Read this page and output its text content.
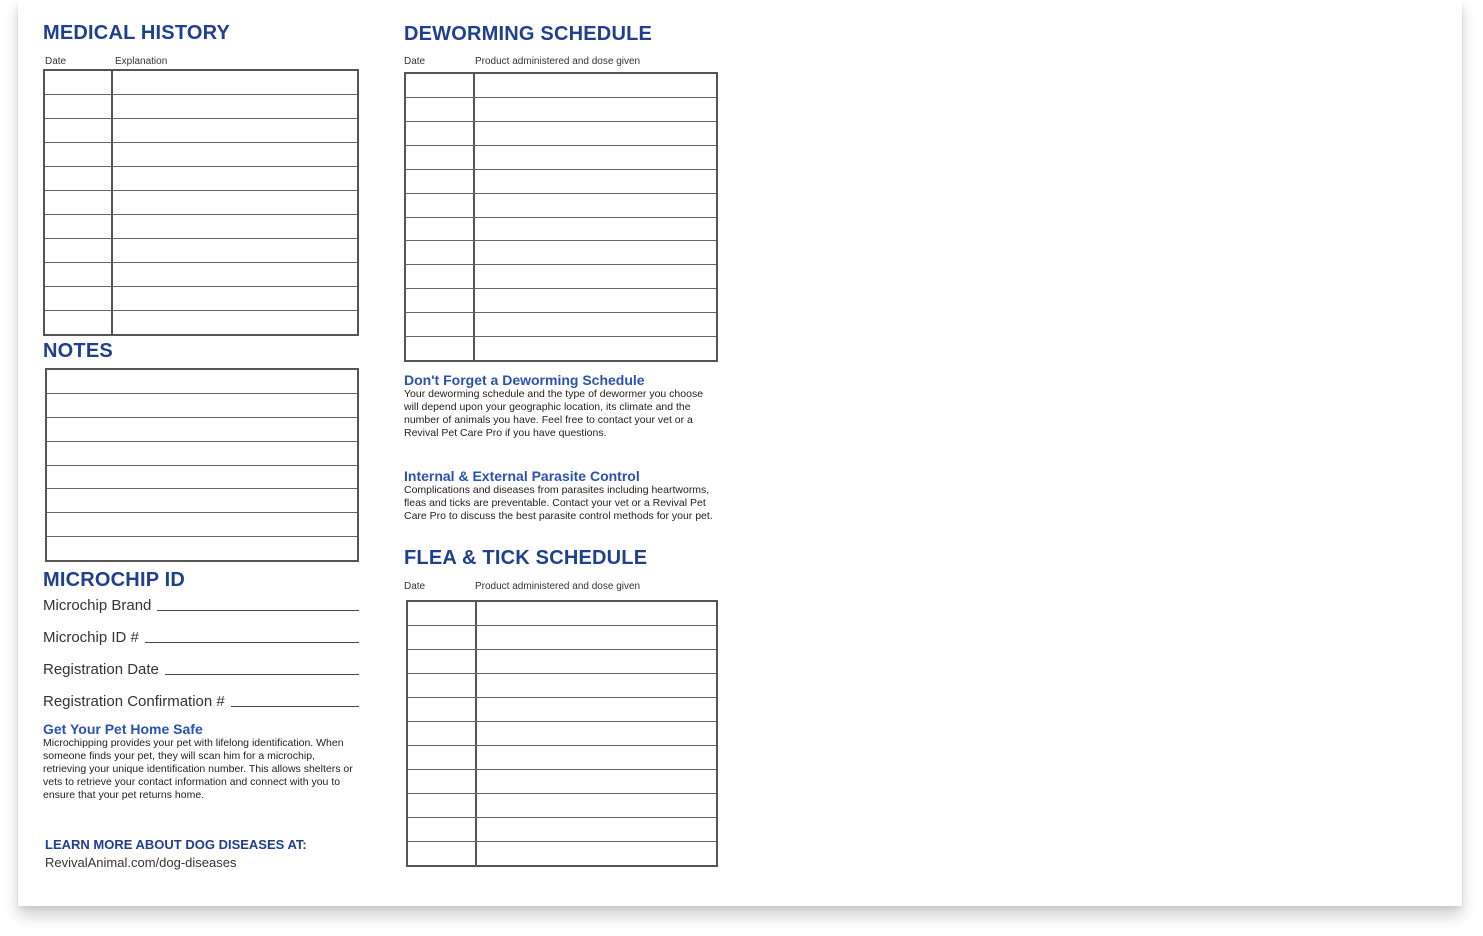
MEDICAL HISTORY
Date	Explanation
NOTES
MICROCHIP ID
Microchip Brand
Microchip ID #
Registration Date
Registration Confirmation #
Get Your Pet Home Safe
Microchipping provides your pet with lifelong identification. When someone finds your pet, they will scan him for a microchip, retrieving your unique identification number. This allows shelters or vets to retrieve your contact information and connect with you to ensure that your pet returns home.
LEARN MORE ABOUT DOG DISEASES AT:
RevivalAnimal.com/dog-diseases
DEWORMING SCHEDULE
Date	Product administered and dose given
Don't Forget a Deworming Schedule
Your deworming schedule and the type of dewormer you choose will depend upon your geographic location, its climate and the number of animals you have. Feel free to contact your vet or a Revival Pet Care Pro if you have questions.
Internal & External Parasite Control
Complications and diseases from parasites including heartworms, fleas and ticks are preventable. Contact your vet or a Revival Pet Care Pro to discuss the best parasite control methods for your pet.
FLEA & TICK SCHEDULE
Date	Product administered and dose given
